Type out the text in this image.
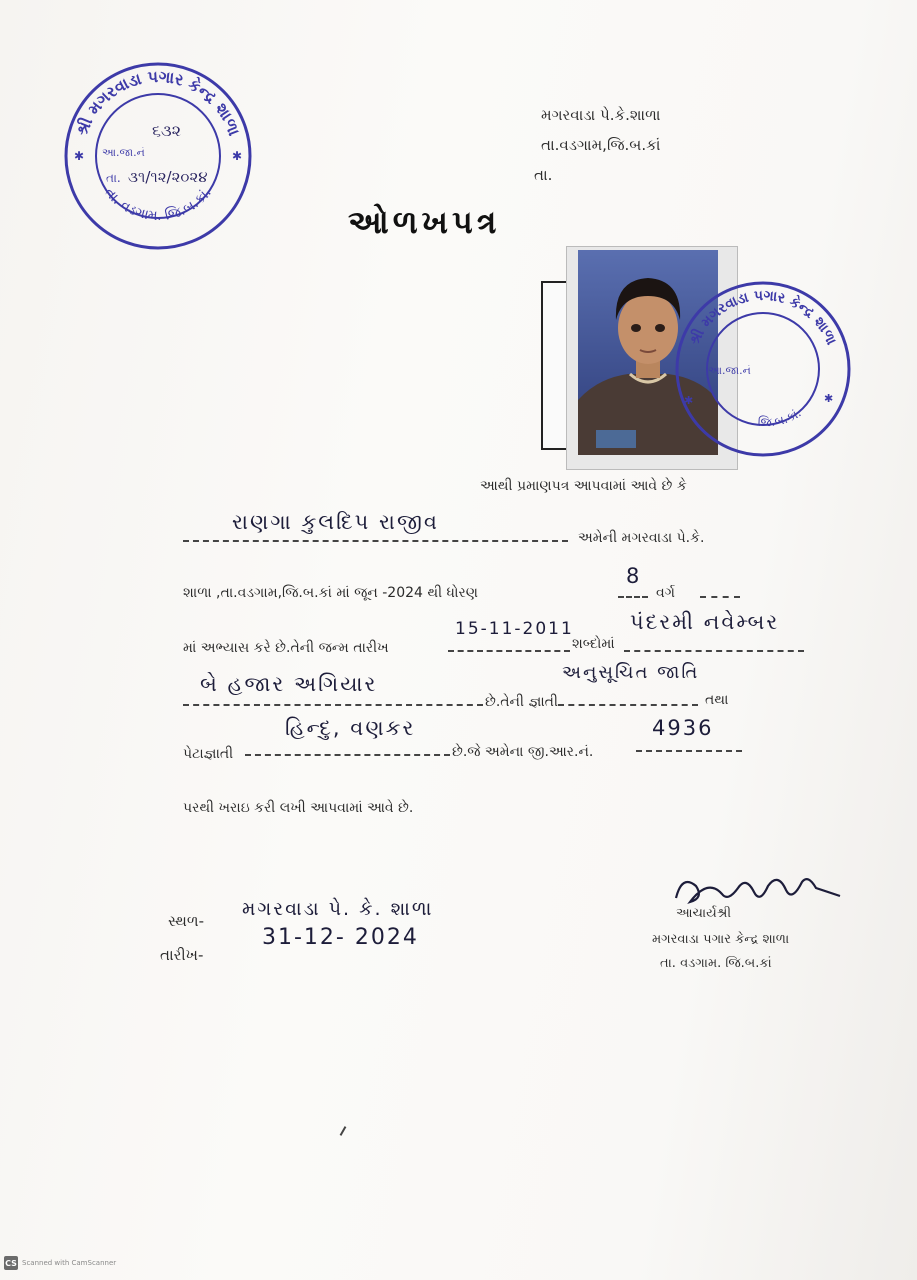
શ્રી મગરવાડા પગાર કેન્દ્ર શાળા
તા. વડગામ. જિ.બ.કાં.
આ.જા.નં
૬૩૨
તા. ૩૧/૧૨/૨૦૨૪
✱	✱
મગરવાડા પે.કે.શાળા
તા.વડગામ,જિ.બ.કાં
તા.
ઓળખપત્ર
શ્રી મગરવાડા પગાર કેન્દ્ર શાળા
જિ.બ.કાં.
આ.જા.નં
✱
✱
આથી પ્રમાણપત્ર આપવામાં આવે છે કે
રાણગા કુલદિપ રાજીવ
અમેની મગરવાડા પે.કે.
શાળા ,તા.વડગામ,જિ.બ.કાં માં જૂન -2024 થી ધોરણ
8
વર્ગ
માં અભ્યાસ કરે છે.તેની જન્મ તારીખ
15-11-2011
શબ્દોમાં
પંદરમી નવેમ્બર
બે હજાર અગિયાર
છે.તેની જ્ઞાતી
અનુસૂચિત જાતિ
તથા
પેટાજ્ઞાતી
હિન્દુ, વણકર
છે.જે અમેના જી.આર.નં.
4936
પરથી ખરાઇ કરી લખી આપવામાં આવે છે.
સ્થળ-
મગરવાડા પે. કે. શાળા
તારીખ-
31-12- 2024
આચાર્યશ્રી
મગરવાડા પગાર કેન્દ્ર શાળા
તા. વડગામ. જિ.બ.કાં
CS Scanned with CamScanner
